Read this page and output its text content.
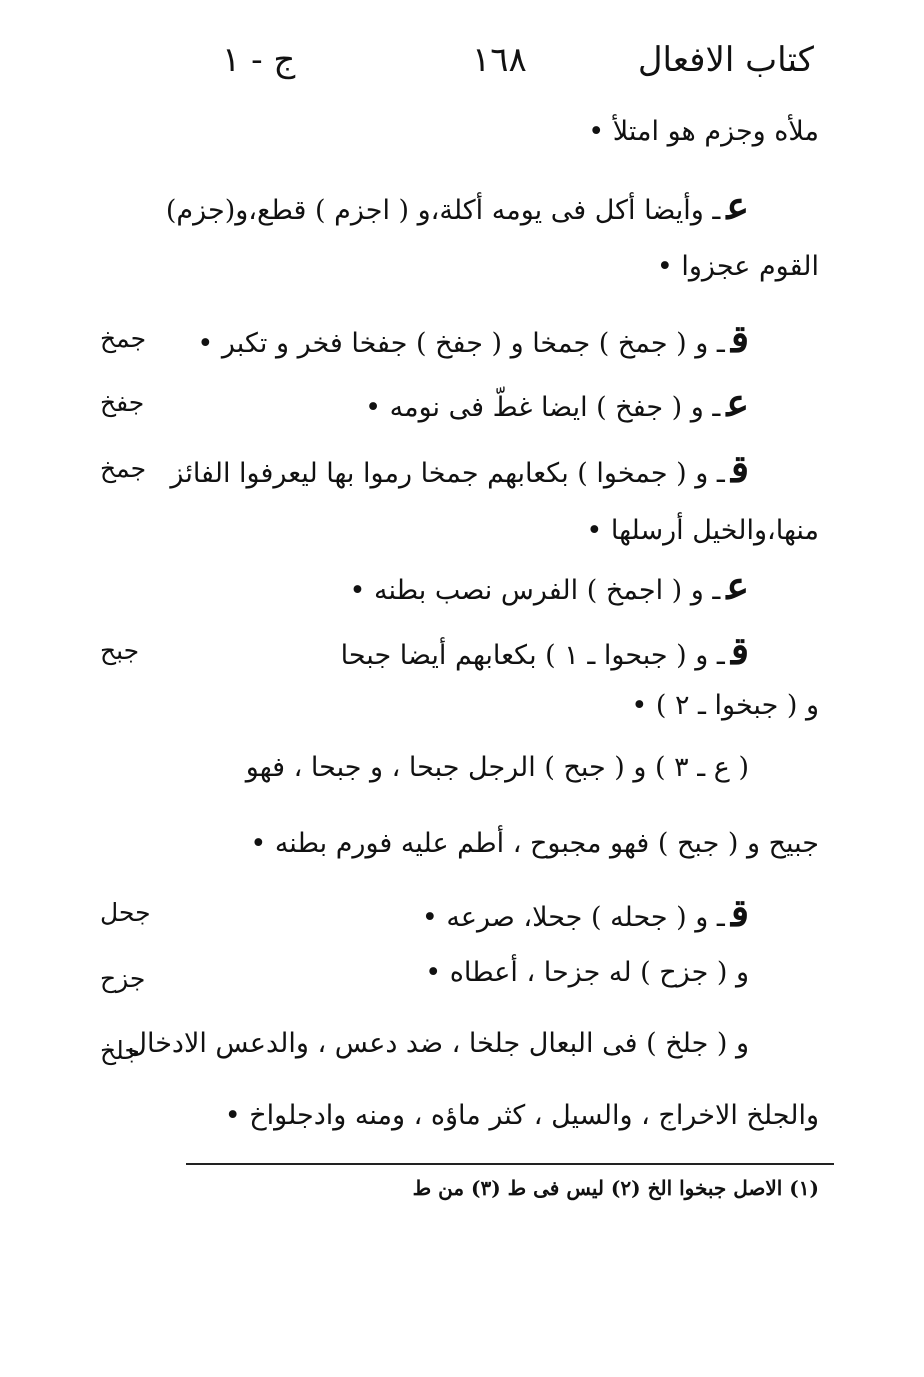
كتاب الافعال
١٦٨
ج - ١
ملأه وجزم هو امتلأ •
عـ وأيضا أكل فى يومه أكلة،و ( اجزم ) قطع،و(جزم)
القوم عجزوا •
قـ و ( جمخ ) جمخا و ( جفخ ) جفخا فخر و تكبر •
عـ و ( جفخ ) ايضا غطّ فى نومه •
قـ و ( جمخوا ) بكعابهم جمخا رموا بها ليعرفوا الفائز
منها،والخيل أرسلها •
عـ و ( اجمخ ) الفرس نصب بطنه •
قـ و ( جبحوا ـ ١ ) بكعابهم أيضا جبحا
و ( جبخوا ـ ٢ ) •
( ع ـ ٣ ) و ( جبح ) الرجل جبحا ، و جبحا ، فهو
جبيح و ( جبح ) فهو مجبوح ، أطم عليه فورم بطنه •
قـ و ( جحله ) جحلا، صرعه •
و ( جزح ) له جزحا ، أعطاه •
و ( جلخ ) فى البعال جلخا ، ضد دعس ، والدعس الادخال
والجلخ الاخراج ، والسيل ، كثر ماؤه ، ومنه وادجلواخ •
جمخ
جفخ
جمخ
جبح
جحل
جزح
جلخ
(١) الاصل جبخوا الخ (٢) ليس فى ط (٣) من ط
